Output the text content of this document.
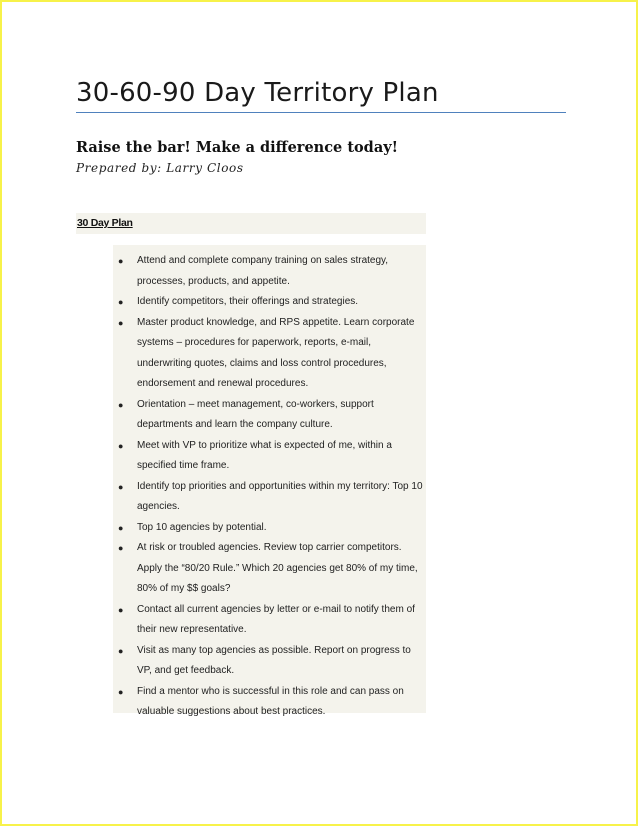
30-60-90 Day Territory Plan

Raise the bar! Make a difference today!

Prepared by: Larry Cloos

30 Day Plan

● Attend and complete company training on sales strategy, processes, products, and appetite.
● Identify competitors, their offerings and strategies.
● Master product knowledge, and RPS appetite. Learn corporate systems – procedures for paperwork, reports, e-mail, underwriting quotes, claims and loss control procedures, endorsement and renewal procedures.
● Orientation – meet management, co-workers, support departments and learn the company culture.
● Meet with VP to prioritize what is expected of me, within a specified time frame.
● Identify top priorities and opportunities within my territory: Top 10 agencies.
● Top 10 agencies by potential.
● At risk or troubled agencies. Review top carrier competitors. Apply the “80/20 Rule.” Which 20 agencies get 80% of my time, 80% of my $$ goals?
● Contact all current agencies by letter or e-mail to notify them of their new representative.
● Visit as many top agencies as possible. Report on progress to VP, and get feedback.
● Find a mentor who is successful in this role and can pass on valuable suggestions about best practices.
